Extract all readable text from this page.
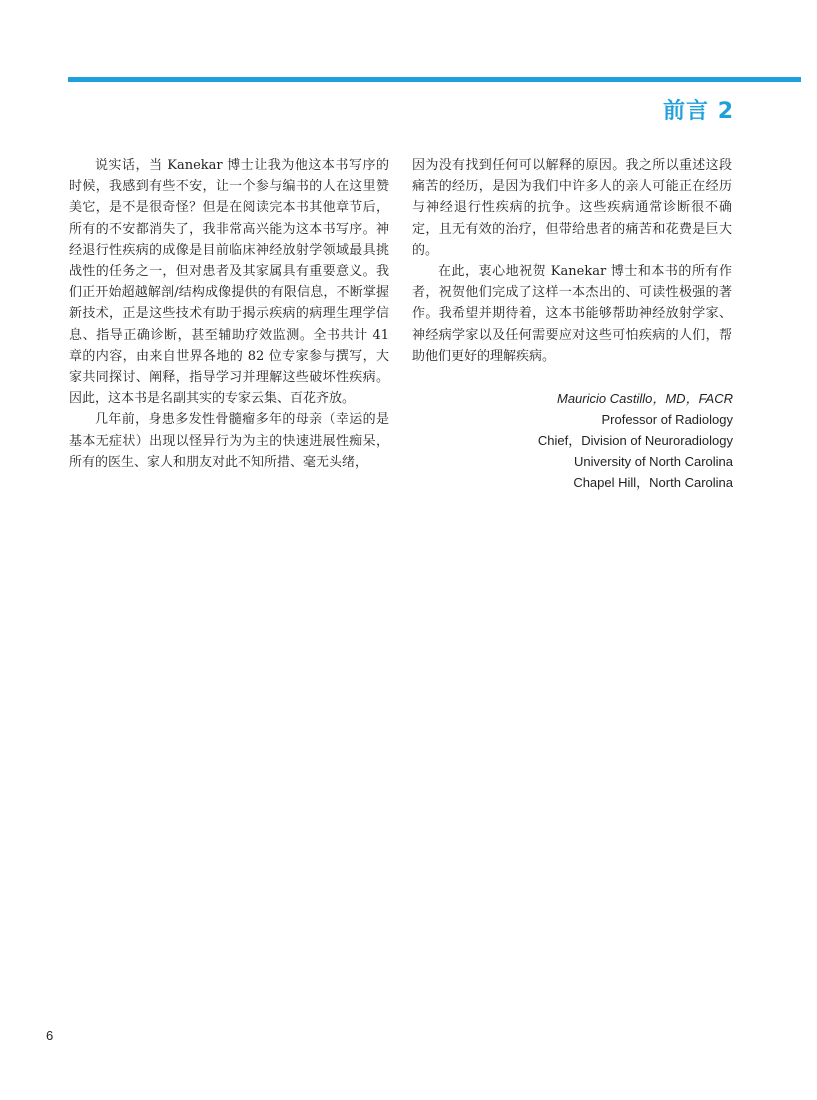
前言 2

说实话，当 Kanekar 博士让我为他这本书写序的时候，我感到有些不安，让一个参与编书的人在这里赞美它，是不是很奇怪？但是在阅读完本书其他章节后，所有的不安都消失了，我非常高兴能为这本书写序。神经退行性疾病的成像是目前临床神经放射学领域最具挑战性的任务之一，但对患者及其家属具有重要意义。我们正开始超越解剖/结构成像提供的有限信息，不断掌握新技术，正是这些技术有助于揭示疾病的病理生理学信息、指导正确诊断，甚至辅助疗效监测。全书共计 41 章的内容，由来自世界各地的 82 位专家参与撰写，大家共同探讨、阐释，指导学习并理解这些破坏性疾病。因此，这本书是名副其实的专家云集、百花齐放。

几年前，身患多发性骨髓瘤多年的母亲（幸运的是基本无症状）出现以怪异行为为主的快速进展性痴呆，所有的医生、家人和朋友对此不知所措、毫无头绪，

因为没有找到任何可以解释的原因。我之所以重述这段痛苦的经历，是因为我们中许多人的亲人可能正在经历与神经退行性疾病的抗争。这些疾病通常诊断很不确定，且无有效的治疗，但带给患者的痛苦和花费是巨大的。

在此，衷心地祝贺 Kanekar 博士和本书的所有作者，祝贺他们完成了这样一本杰出的、可读性极强的著作。我希望并期待着，这本书能够帮助神经放射学家、神经病学家以及任何需要应对这些可怕疾病的人们，帮助他们更好的理解疾病。

Mauricio Castillo，MD，FACR
Professor of Radiology
Chief，Division of Neuroradiology
University of North Carolina
Chapel Hill，North Carolina
6
